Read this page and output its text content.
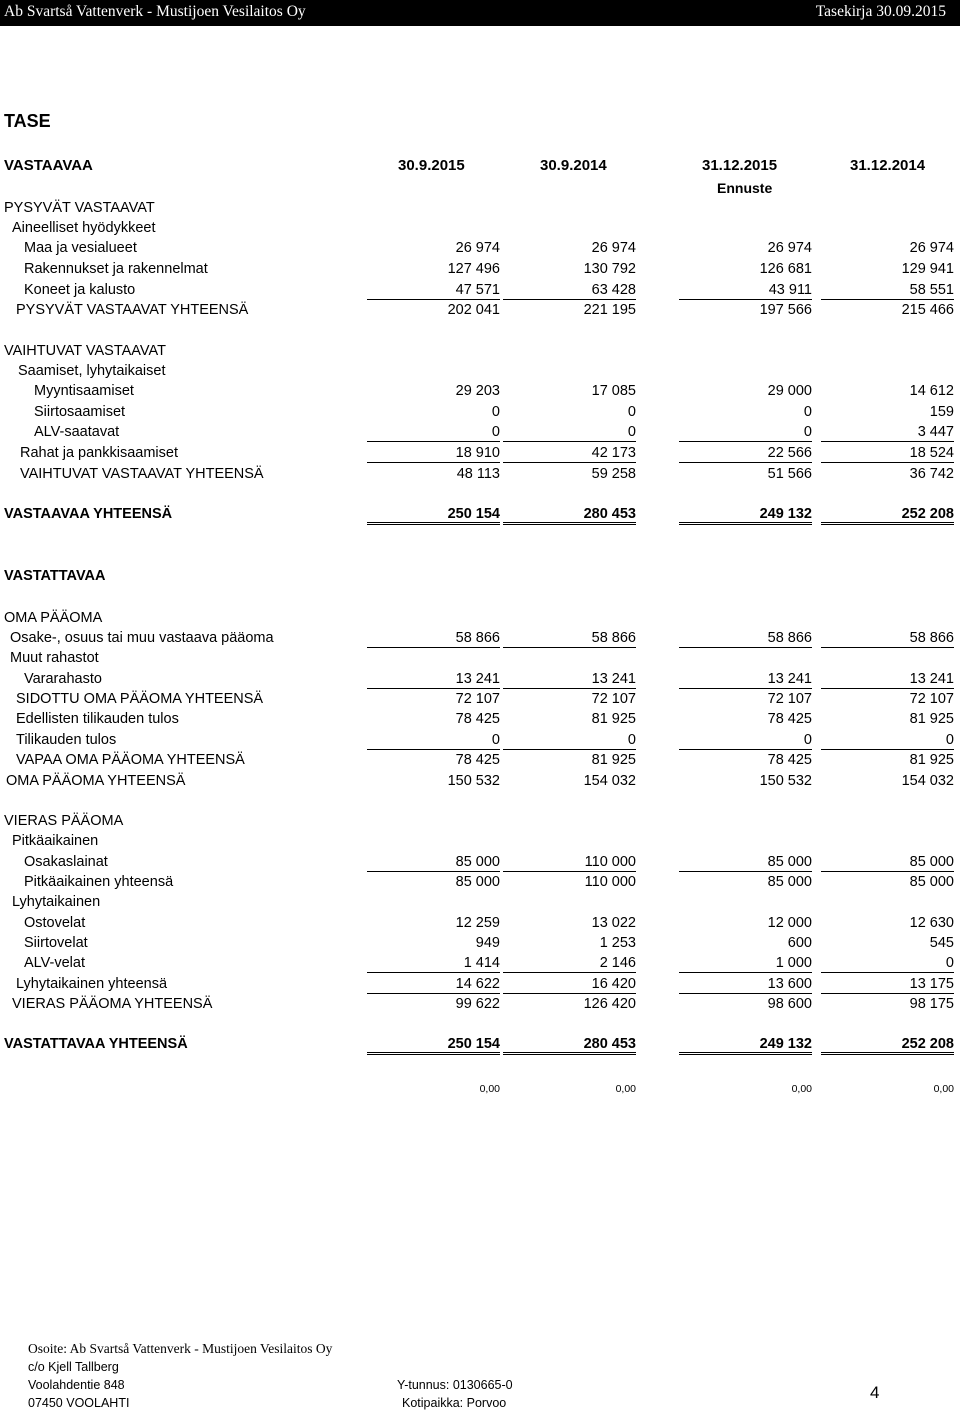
Ab Svartså Vattenverk - Mustijoen Vesilaitos Oy	Tasekirja 30.09.2015
TASE
VASTAAVAA	30.9.2015	30.9.2014	31.12.2015	31.12.2014
Ennuste
VASTATTAVAA
PYSYVÄT VASTAAVAT
Aineelliset hyödykkeet
Maa ja vesialueet	26 974	26 974	26 974	26 974
Rakennukset ja rakennelmat	127 496	130 792	126 681	129 941
Koneet ja kalusto	47 571	63 428	43 911	58 551
PYSYVÄT VASTAAVAT YHTEENSÄ	202 041	221 195	197 566	215 466
VAIHTUVAT VASTAAVAT
Saamiset, lyhytaikaiset
Myyntisaamiset	29 203	17 085	29 000	14 612
Siirtosaamiset	0	0	0	159
ALV-saatavat	0	0	0	3 447
Rahat ja pankkisaamiset	18 910	42 173	22 566	18 524
VAIHTUVAT VASTAAVAT YHTEENSÄ	48 113	59 258	51 566	36 742
VASTAAVAA YHTEENSÄ	250 154	280 453	249 132	252 208
OMA PÄÄOMA
Osake-, osuus tai muu vastaava pääoma	58 866	58 866	58 866	58 866
Muut rahastot
Vararahasto	13 241	13 241	13 241	13 241
SIDOTTU OMA PÄÄOMA YHTEENSÄ	72 107	72 107	72 107	72 107
Edellisten tilikauden tulos	78 425	81 925	78 425	81 925
Tilikauden tulos	0	0	0	0
VAPAA OMA PÄÄOMA YHTEENSÄ	78 425	81 925	78 425	81 925
OMA PÄÄOMA YHTEENSÄ	150 532	154 032	150 532	154 032
VIERAS PÄÄOMA
Pitkäaikainen
Osakaslainat	85 000	110 000	85 000	85 000
Pitkäaikainen yhteensä	85 000	110 000	85 000	85 000
Lyhytaikainen
Ostovelat	12 259	13 022	12 000	12 630
Siirtovelat	949	1 253	600	545
ALV-velat	1 414	2 146	1 000	0
Lyhytaikainen yhteensä	14 622	16 420	13 600	13 175
VIERAS PÄÄOMA YHTEENSÄ	99 622	126 420	98 600	98 175
VASTATTAVAA YHTEENSÄ	250 154	280 453	249 132	252 208
0,00	0,00	0,00	0,00
Osoite: Ab Svartså Vattenverk - Mustijoen Vesilaitos Oy
c/o Kjell Tallberg
Voolahdentie 848
07450 VOOLAHTI
Y-tunnus: 0130665-0
Kotipaikka: Porvoo
4
